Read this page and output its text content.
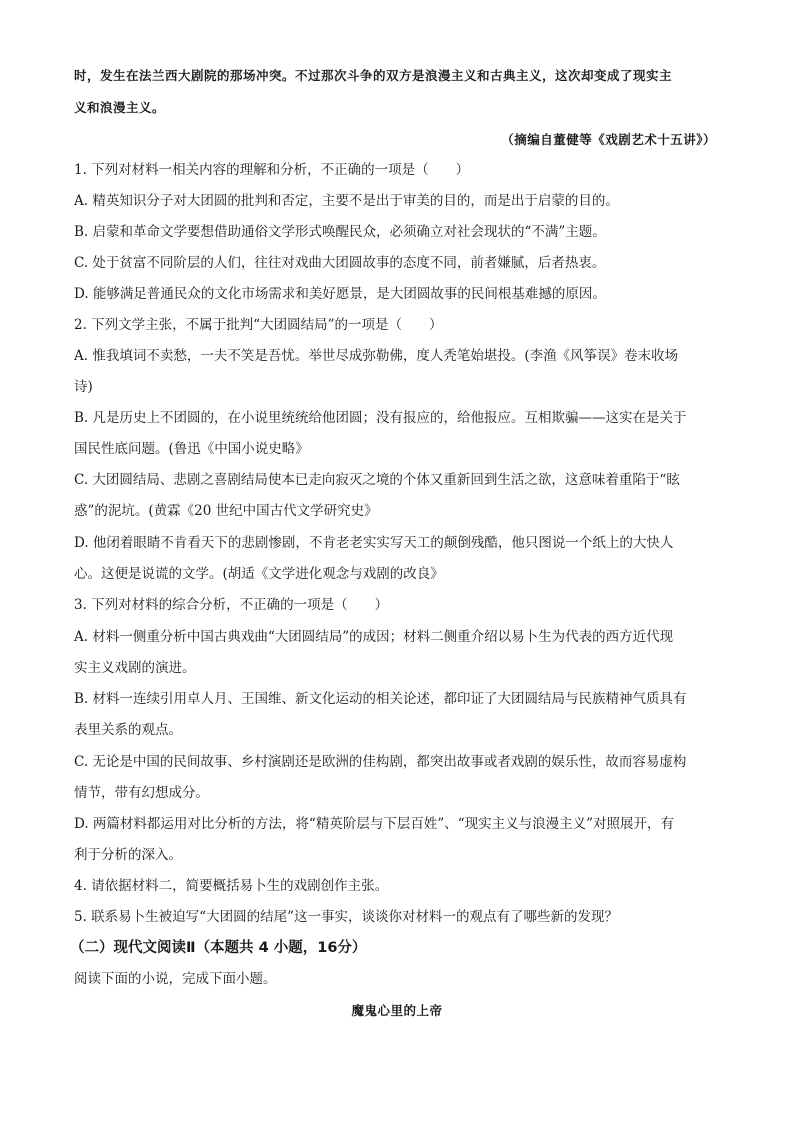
时，发生在法兰西大剧院的那场冲突。不过那次斗争的双方是浪漫主义和古典主义，这次却变成了现实主
义和浪漫主义。
（摘编自董健等《戏剧艺术十五讲》）
1. 下列对材料一相关内容的理解和分析，不正确的一项是（　　）
A. 精英知识分子对大团圆的批判和否定，主要不是出于审美的目的，而是出于启蒙的目的。
B. 启蒙和革命文学要想借助通俗文学形式唤醒民众，必须确立对社会现状的“不满”主题。
C. 处于贫富不同阶层的人们，往往对戏曲大团圆故事的态度不同，前者嫌腻，后者热衷。
D. 能够满足普通民众的文化市场需求和美好愿景，是大团圆故事的民间根基难撼的原因。
2. 下列文学主张，不属于批判“大团圆结局”的一项是（　　）
A. 惟我填词不卖愁，一夫不笑是吾忧。举世尽成弥勒佛，度人秃笔始堪投。(李渔《风筝误》卷末收场
诗)
B. 凡是历史上不团圆的，在小说里统统给他团圆；没有报应的，给他报应。互相欺骗——这实在是关于
国民性底问题。(鲁迅《中国小说史略》
C. 大团圆结局、悲剧之喜剧结局使本已走向寂灭之境的个体又重新回到生活之欲，这意味着重陷于“眩
惑”的泥坑。(黄霖《20 世纪中国古代文学研究史》
D. 他闭着眼睛不肯看天下的悲剧惨剧，不肯老老实实写天工的颠倒残酷，他只图说一个纸上的大快人
心。这便是说谎的文学。(胡适《文学进化观念与戏剧的改良》
3. 下列对材料的综合分析，不正确的一项是（　　）
A. 材料一侧重分析中国古典戏曲“大团圆结局”的成因；材料二侧重介绍以易卜生为代表的西方近代现
实主义戏剧的演进。
B. 材料一连续引用卓人月、王国维、新文化运动的相关论述，都印证了大团圆结局与民族精神气质具有
表里关系的观点。
C. 无论是中国的民间故事、乡村演剧还是欧洲的佳构剧，都突出故事或者戏剧的娱乐性，故而容易虚构
情节，带有幻想成分。
D. 两篇材料都运用对比分析的方法，将“精英阶层与下层百姓”、“现实主义与浪漫主义”对照展开，有
利于分析的深入。
4. 请依据材料二，简要概括易卜生的戏剧创作主张。
5. 联系易卜生被迫写“大团圆的结尾”这一事实，谈谈你对材料一的观点有了哪些新的发现？
（二）现代文阅读Ⅱ（本题共 4 小题，16分）
阅读下面的小说，完成下面小题。
魔鬼心里的上帝
